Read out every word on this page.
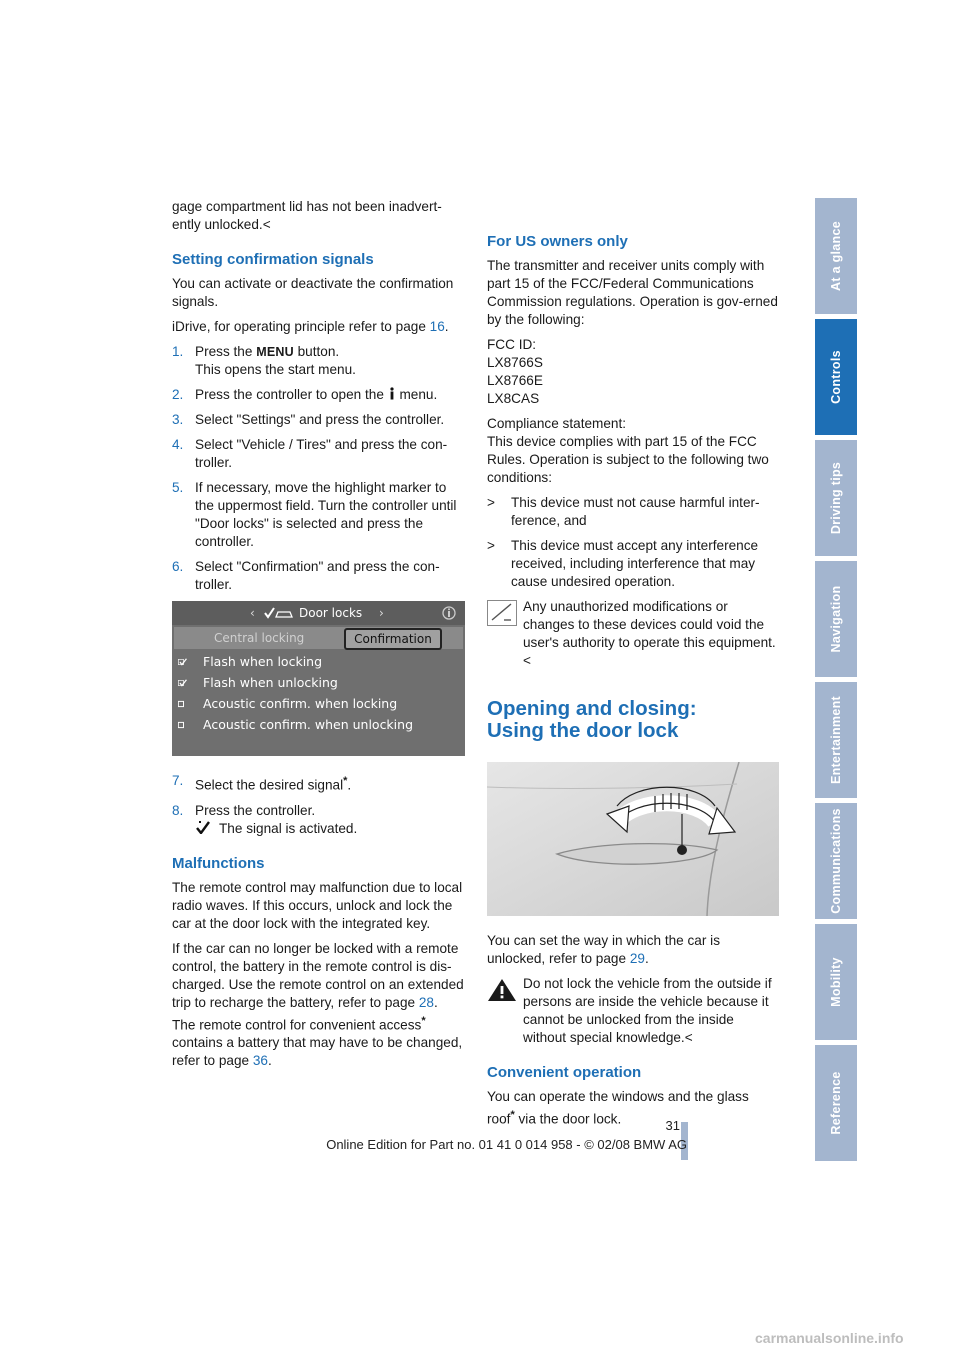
gage compartment lid has not been inadvert-ently unlocked.<

Setting confirmation signals

You can activate or deactivate the confirmation signals.

iDrive, for operating principle refer to page 16.

1. Press the MENU button.
This opens the start menu.
2. Press the controller to open the  menu.
3. Select "Settings" and press the controller.
4. Select "Vehicle / Tires" and press the con-troller.
5. If necessary, move the highlight marker to the uppermost field. Turn the controller until "Door locks" is selected and press the controller.
6. Select "Confirmation" and press the con-troller.
‹	Door locks ›
Central locking	Confirmation
Flash when locking
Flash when unlocking
Acoustic confirm. when locking
Acoustic confirm. when unlocking
7. Select the desired signal*.
8. Press the controller.
The signal is activated.
Malfunctions

The remote control may malfunction due to local radio waves. If this occurs, unlock and lock the car at the door lock with the integrated key.

If the car can no longer be locked with a remote control, the battery in the remote control is dis-charged. Use the remote control on an extended trip to recharge the battery, refer to page 28. The remote control for convenient access* contains a battery that may have to be changed, refer to page 36.

For US owners only

The transmitter and receiver units comply with part 15 of the FCC/Federal Communications Commission regulations. Operation is gov-erned by the following:

FCC ID:
LX8766S
LX8766E
LX8CAS

Compliance statement:
This device complies with part 15 of the FCC Rules. Operation is subject to the following two conditions:

>	This device must not cause harmful inter-ference, and
>	This device must accept any interference received, including interference that may cause undesired operation.
Any unauthorized modifications or changes to these devices could void the user's authority to operate this equipment.<
Opening and closing:
Using the door lock

You can set the way in which the car is unlocked, refer to page 29.

Do not lock the vehicle from the outside if persons are inside the vehicle because it cannot be unlocked from the inside without special knowledge.<
Convenient operation

You can operate the windows and the glass roof* via the door lock.

At a glance
Controls
Driving tips
Navigation
Entertainment
Communications
Mobility
Reference
31
Online Edition for Part no. 01 41 0 014 958 - © 02/08 BMW AG
carmanualsonline.info
